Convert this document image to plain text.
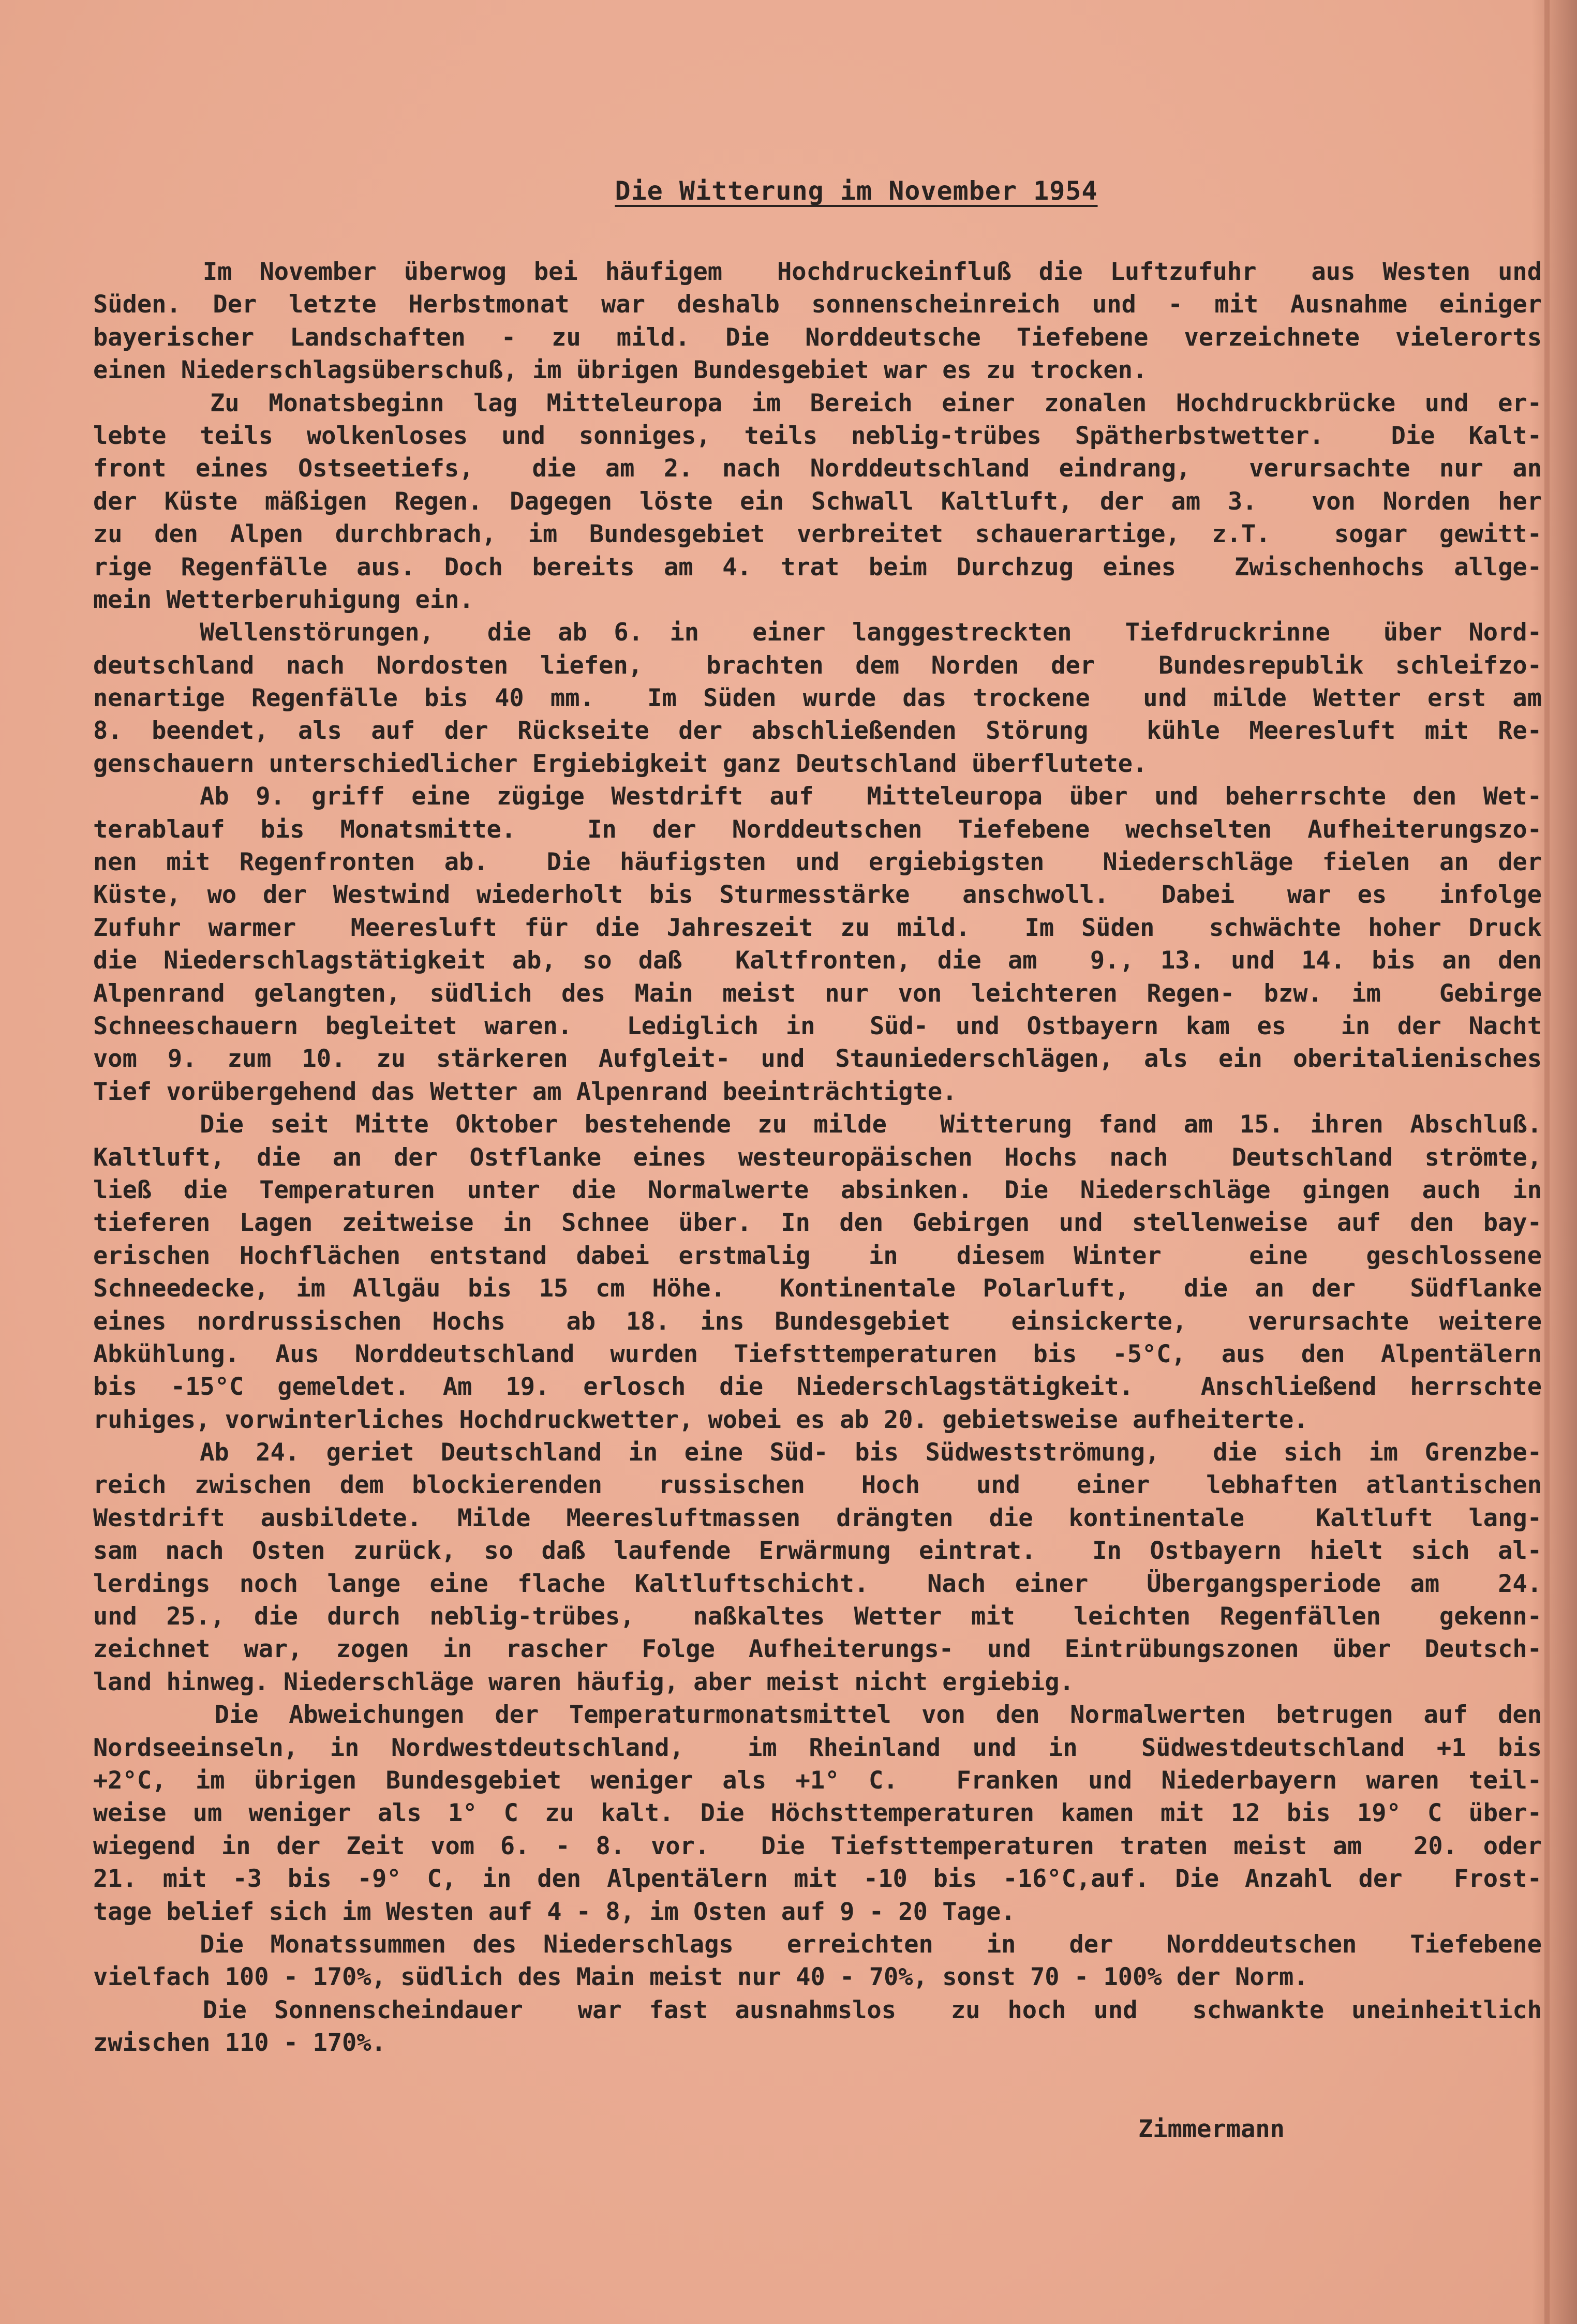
Die Witterung im November 1954
Im November überwog bei häufigem  Hochdruckeinfluß die Luftzufuhr  aus Westen und
Süden. Der letzte Herbstmonat war deshalb sonnenscheinreich und - mit Ausnahme einiger
bayerischer Landschaften - zu mild. Die Norddeutsche Tiefebene verzeichnete vielerorts
einen Niederschlagsüberschuß, im übrigen Bundesgebiet war es zu trocken.
Zu Monatsbeginn lag Mitteleuropa im Bereich einer zonalen Hochdruckbrücke und er-
lebte teils wolkenloses und sonniges, teils neblig-trübes Spätherbstwetter.  Die Kalt-
front eines Ostseetiefs,  die am 2. nach Norddeutschland eindrang,  verursachte nur an
der Küste mäßigen Regen. Dagegen löste ein Schwall Kaltluft, der am 3.  von Norden her
zu den Alpen durchbrach, im Bundesgebiet verbreitet schauerartige, z.T.  sogar gewitt-
rige Regenfälle aus. Doch bereits am 4. trat beim Durchzug eines  Zwischenhochs allge-
mein Wetterberuhigung ein.
Wellenstörungen,  die ab 6. in  einer langgestreckten  Tiefdruckrinne  über Nord-
deutschland nach Nordosten liefen,  brachten dem Norden der  Bundesrepublik schleifzo-
nenartige Regenfälle bis 40 mm.  Im Süden wurde das trockene  und milde Wetter erst am
8. beendet, als auf der Rückseite der abschließenden Störung  kühle Meeresluft mit Re-
genschauern unterschiedlicher Ergiebigkeit ganz Deutschland überflutete.
Ab 9. griff eine zügige Westdrift auf  Mitteleuropa über und beherrschte den Wet-
terablauf bis Monatsmitte.  In der Norddeutschen Tiefebene wechselten Aufheiterungszo-
nen mit Regenfronten ab.  Die häufigsten und ergiebigsten  Niederschläge fielen an der
Küste, wo der Westwind wiederholt bis Sturmesstärke  anschwoll.  Dabei  war es  infolge
Zufuhr warmer  Meeresluft für die Jahreszeit zu mild.  Im Süden  schwächte hoher Druck
die Niederschlagstätigkeit ab, so daß  Kaltfronten, die am  9., 13. und 14. bis an den
Alpenrand gelangten, südlich des Main meist nur von leichteren Regen- bzw. im  Gebirge
Schneeschauern begleitet waren.  Lediglich in  Süd- und Ostbayern kam es  in der Nacht
vom 9. zum 10. zu stärkeren Aufgleit- und Stauniederschlägen, als ein oberitalienisches
Tief vorübergehend das Wetter am Alpenrand beeinträchtigte.
Die seit Mitte Oktober bestehende zu milde  Witterung fand am 15. ihren Abschluß.
Kaltluft, die an der Ostflanke eines westeuropäischen Hochs nach  Deutschland strömte,
ließ die Temperaturen unter die Normalwerte absinken. Die Niederschläge gingen auch in
tieferen Lagen zeitweise in Schnee über. In den Gebirgen und stellenweise auf den bay-
erischen Hochflächen entstand dabei erstmalig  in  diesem Winter   eine  geschlossene
Schneedecke, im Allgäu bis 15 cm Höhe.  Kontinentale Polarluft,  die an der  Südflanke
eines nordrussischen Hochs  ab 18. ins Bundesgebiet  einsickerte,  verursachte weitere
Abkühlung. Aus Norddeutschland wurden Tiefsttemperaturen bis -5°C, aus den Alpentälern
bis -15°C gemeldet. Am 19. erlosch die Niederschlagstätigkeit.  Anschließend herrschte
ruhiges, vorwinterliches Hochdruckwetter, wobei es ab 20. gebietsweise aufheiterte.
Ab 24. geriet Deutschland in eine Süd- bis Südwestströmung,  die sich im Grenzbe-
reich zwischen dem blockierenden  russischen  Hoch  und  einer  lebhaften atlantischen
Westdrift ausbildete. Milde Meeresluftmassen drängten die kontinentale  Kaltluft lang-
sam nach Osten zurück, so daß laufende Erwärmung eintrat.  In Ostbayern hielt sich al-
lerdings noch lange eine flache Kaltluftschicht.  Nach einer  Übergangsperiode am  24.
und 25., die durch neblig-trübes,  naßkaltes Wetter mit  leichten Regenfällen  gekenn-
zeichnet war, zogen in rascher Folge Aufheiterungs- und Eintrübungszonen über Deutsch-
land hinweg. Niederschläge waren häufig, aber meist nicht ergiebig.
Die Abweichungen der Temperaturmonatsmittel von den Normalwerten betrugen auf den
Nordseeinseln, in Nordwestdeutschland,  im Rheinland und in  Südwestdeutschland +1 bis
+2°C, im übrigen Bundesgebiet weniger als +1° C.  Franken und Niederbayern waren teil-
weise um weniger als 1° C zu kalt. Die Höchsttemperaturen kamen mit 12 bis 19° C über-
wiegend in der Zeit vom 6. - 8. vor.  Die Tiefsttemperaturen traten meist am  20. oder
21. mit -3 bis -9° C, in den Alpentälern mit -10 bis -16°C,auf. Die Anzahl der  Frost-
tage belief sich im Westen auf 4 - 8, im Osten auf 9 - 20 Tage.
Die Monatssummen des Niederschlags  erreichten  in  der  Norddeutschen  Tiefebene
vielfach 100 - 170%, südlich des Main meist nur 40 - 70%, sonst 70 - 100% der Norm.
Die Sonnenscheindauer  war fast ausnahmslos  zu hoch und  schwankte uneinheitlich
zwischen 110 - 170%.
Zimmermann
